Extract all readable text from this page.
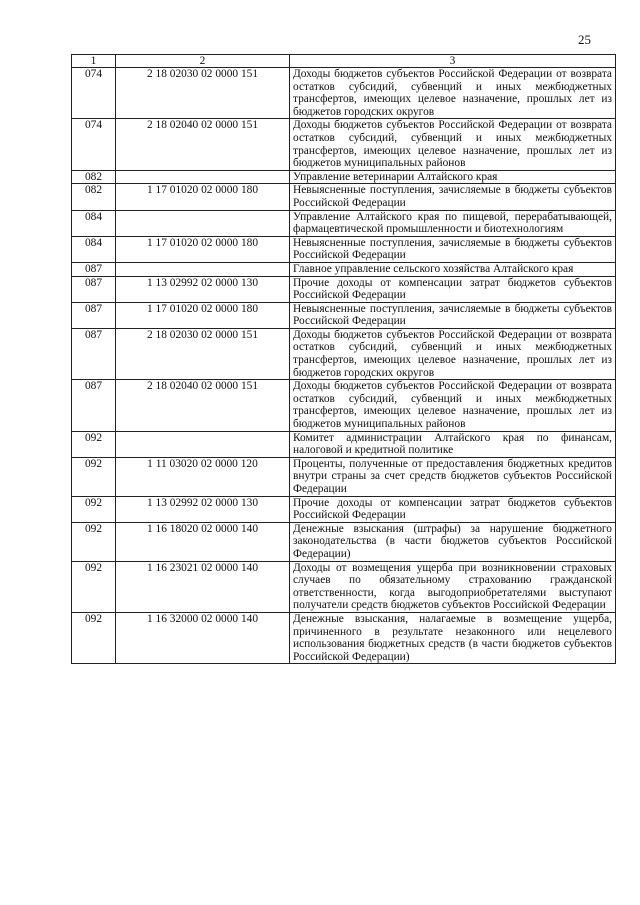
25
1	2	3
074	2 18 02030 02 0000 151	Доходы бюджетов субъектов Российской Федерации от возврата остатков субсидий, субвенций и иных межбюджетных трансфертов, имеющих целевое назначение, прошлых лет из бюджетов городских округов
074	2 18 02040 02 0000 151	Доходы бюджетов субъектов Российской Федерации от возврата остатков субсидий, субвенций и иных межбюджетных трансфертов, имеющих целевое назначение, прошлых лет из бюджетов муниципальных районов
082		Управление ветеринарии Алтайского края
082	1 17 01020 02 0000 180	Невыясненные поступления, зачисляемые в бюджеты субъектов Российской Федерации
084		Управление Алтайского края по пищевой, перерабатывающей, фармацевтической промышленности и биотехнологиям
084	1 17 01020 02 0000 180	Невыясненные поступления, зачисляемые в бюджеты субъектов Российской Федерации
087		Главное управление сельского хозяйства Алтайского края
087	1 13 02992 02 0000 130	Прочие доходы от компенсации затрат бюджетов субъектов Российской Федерации
087	1 17 01020 02 0000 180	Невыясненные поступления, зачисляемые в бюджеты субъектов Российской Федерации
087	2 18 02030 02 0000 151	Доходы бюджетов субъектов Российской Федерации от возврата остатков субсидий, субвенций и иных межбюджетных трансфертов, имеющих целевое назначение, прошлых лет из бюджетов городских округов
087	2 18 02040 02 0000 151	Доходы бюджетов субъектов Российской Федерации от возврата остатков субсидий, субвенций и иных межбюджетных трансфертов, имеющих целевое назначение, прошлых лет из бюджетов муниципальных районов
092		Комитет администрации Алтайского края по финансам, налоговой и кредитной политике
092	1 11 03020 02 0000 120	Проценты, полученные от предоставления бюджетных кредитов внутри страны за счет средств бюджетов субъектов Российской Федерации
092	1 13 02992 02 0000 130	Прочие доходы от компенсации затрат бюджетов субъектов Российской Федерации
092	1 16 18020 02 0000 140	Денежные взыскания (штрафы) за нарушение бюджетного законодательства (в части бюджетов субъектов Российской Федерации)
092	1 16 23021 02 0000 140	Доходы от возмещения ущерба при возникновении страховых случаев по обязательному страхованию гражданской ответственности, когда выгодоприобретателями выступают получатели средств бюджетов субъектов Российской Федерации
092	1 16 32000 02 0000 140	Денежные взыскания, налагаемые в возмещение ущерба, причиненного в результате незаконного или нецелевого использования бюджетных средств (в части бюджетов субъектов Российской Федерации)
